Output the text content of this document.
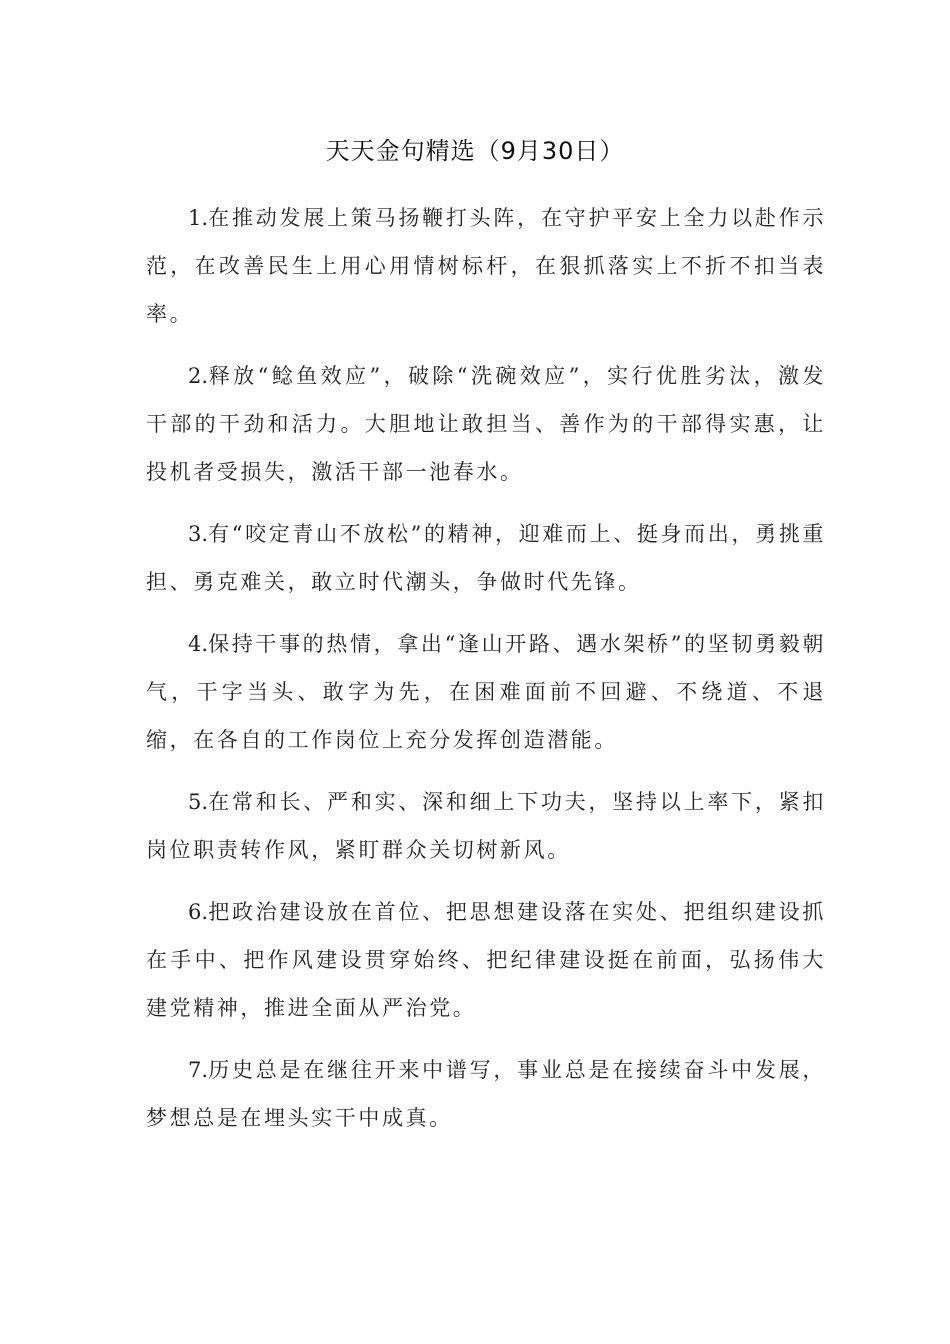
天天金句精选（9月30日）

1.在推动发展上策马扬鞭打头阵，在守护平安上全力以赴作示范，在改善民生上用心用情树标杆，在狠抓落实上不折不扣当表率。

2.释放“鲶鱼效应”，破除“洗碗效应”，实行优胜劣汰，激发干部的干劲和活力。大胆地让敢担当、善作为的干部得实惠，让投机者受损失，激活干部一池春水。

3.有“咬定青山不放松”的精神，迎难而上、挺身而出，勇挑重担、勇克难关，敢立时代潮头，争做时代先锋。

4.保持干事的热情，拿出“逢山开路、遇水架桥”的坚韧勇毅朝气，干字当头、敢字为先，在困难面前不回避、不绕道、不退缩，在各自的工作岗位上充分发挥创造潜能。

5.在常和长、严和实、深和细上下功夫，坚持以上率下，紧扣岗位职责转作风，紧盯群众关切树新风。

6.把政治建设放在首位、把思想建设落在实处、把组织建设抓在手中、把作风建设贯穿始终、把纪律建设挺在前面，弘扬伟大建党精神，推进全面从严治党。

7.历史总是在继往开来中谱写，事业总是在接续奋斗中发展，梦想总是在埋头实干中成真。
